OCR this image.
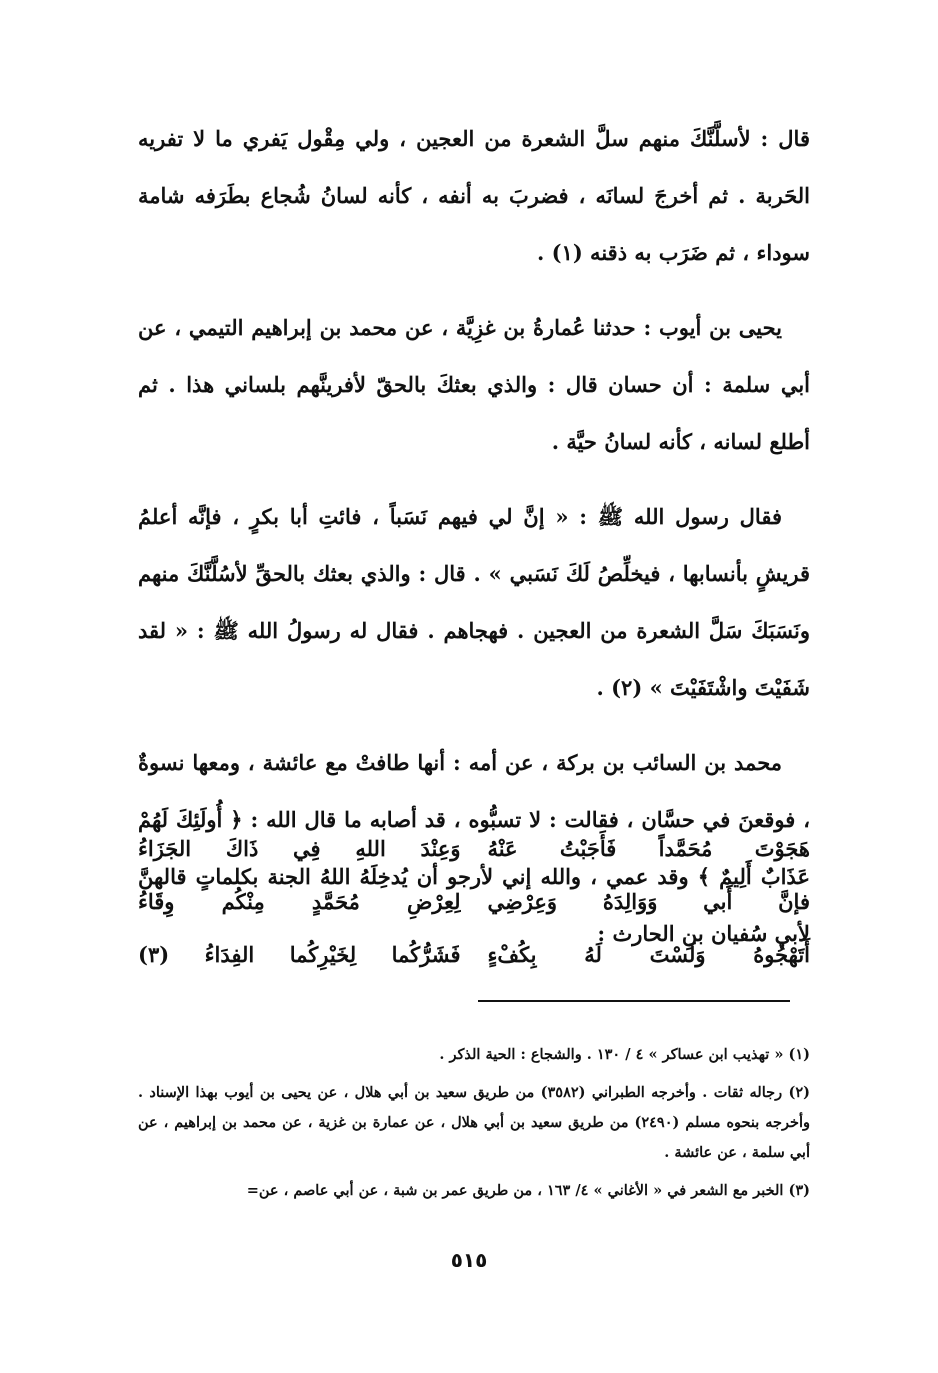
قال : لأسلَّنَّكَ منهم سلَّ الشعرة من العجين ، ولي مِقْول يَفري ما لا تفريه الحَربة . ثم أخرجَ لسانَه ، فضربَ به أنفه ، كأنه لسانُ شُجاع بطَرَفه شامة سوداء ، ثم ضَرَب به ذقنه (١) .

يحيى بن أيوب : حدثنا عُمارةُ بن غزِيَّة ، عن محمد بن إبراهيم التيمي ، عن أبي سلمة : أن حسان قال : والذي بعثكَ بالحقّ لأفرينَّهم بلساني هذا . ثم أطلع لسانه ، كأنه لسانُ حيَّة .

فقال رسول الله ﷺ : « إنَّ لي فيهم نَسَباً ، فائتِ أبا بكرٍ ، فإنَّه أعلمُ قريشٍ بأنسابها ، فيخلِّصُ لَكَ نَسَبي » . قال : والذي بعثك بالحقِّ لأسُلَّنَّكَ منهم ونَسَبَكَ سَلَّ الشعرة من العجين . فهجاهم . فقال له رسولُ الله ﷺ : « لقد شَفَيْتَ واشْتَفَيْتَ » (٢) .

محمد بن السائب بن بركة ، عن أمه : أنها طافتْ مع عائشة ، ومعها نسوةٌ ، فوقعنَ في حسَّان ، فقالت : لا تسبُّوه ، قد أصابه ما قال الله : ﴿ أُولَئِكَ لَهُمْ عَذَابٌ أَلِيمٌ ﴾ وقد عمي ، والله إني لأرجو أن يُدخِلَهُ اللهُ الجنة بكلماتٍ قالهنَّ لأبي سُفيان بنِ الحارث :

هَجَوْتَ مُحَمَّداً فَأَجَبْتُ عَنْهُ
وَعِنْدَ اللهِ فِي ذَاكَ الجَزَاءُ
فإنَّ أَبي وَوَالِدَهُ وَعِرْضِي
لِعِرْضِ مُحَمَّدٍ مِنْكُم وِقَاءُ
أَتَهْجُوهُ وَلَسْتَ لَهُ بِكُفْءٍ
فَشَرُّكُما لِخَيْرِكُما الفِدَاءُ (٣)

(١) « تهذيب ابن عساكر » ٤ / ١٣٠ . والشجاع : الحية الذكر .

(٢) رجاله ثقات . وأخرجه الطبراني (٣٥٨٢) من طريق سعيد بن أبي هلال ، عن يحيى بن أيوب بهذا الإسناد . وأخرجه بنحوه مسلم (٢٤٩٠) من طريق سعيد بن أبي هلال ، عن عمارة بن غزية ، عن محمد بن إبراهيم ، عن أبي سلمة ، عن عائشة .

(٣) الخبر مع الشعر في « الأغاني » ٤/ ١٦٣ ، من طريق عمر بن شبة ، عن أبي عاصم ، عن=

٥١٥
